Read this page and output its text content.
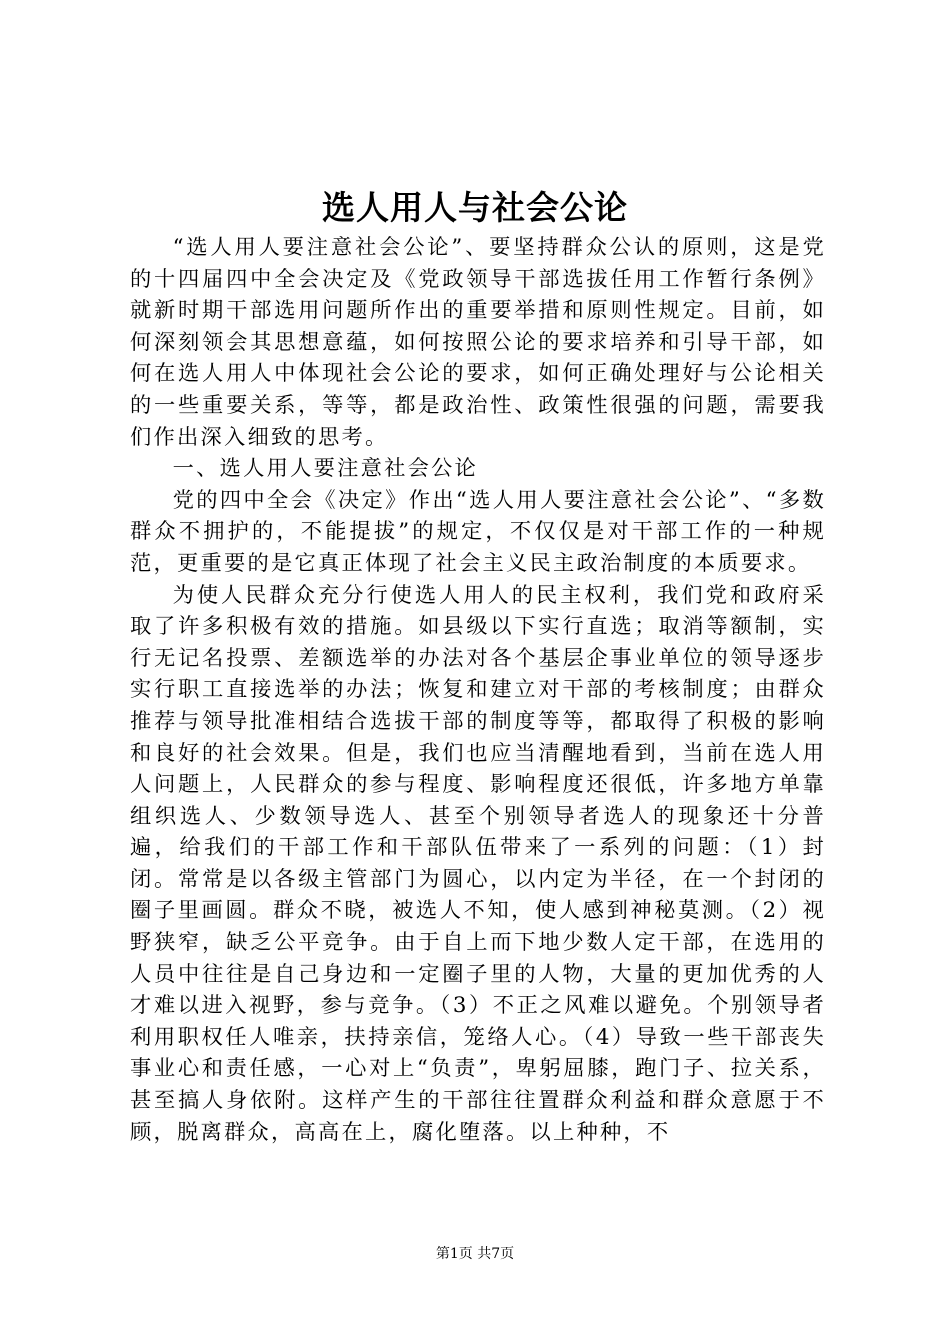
选人用人与社会公论

“选人用人要注意社会公论”、要坚持群众公认的原则，这是党的十四届四中全会决定及《党政领导干部选拔任用工作暂行条例》就新时期干部选用问题所作出的重要举措和原则性规定。目前，如何深刻领会其思想意蕴，如何按照公论的要求培养和引导干部，如何在选人用人中体现社会公论的要求，如何正确处理好与公论相关的一些重要关系，等等，都是政治性、政策性很强的问题，需要我们作出深入细致的思考。

一、选人用人要注意社会公论

党的四中全会《决定》作出“选人用人要注意社会公论”、“多数群众不拥护的，不能提拔”的规定，不仅仅是对干部工作的一种规范，更重要的是它真正体现了社会主义民主政治制度的本质要求。

为使人民群众充分行使选人用人的民主权利，我们党和政府采取了许多积极有效的措施。如县级以下实行直选；取消等额制，实行无记名投票、差额选举的办法对各个基层企事业单位的领导逐步实行职工直接选举的办法；恢复和建立对干部的考核制度；由群众推荐与领导批准相结合选拔干部的制度等等，都取得了积极的影响和良好的社会效果。但是，我们也应当清醒地看到，当前在选人用人问题上，人民群众的参与程度、影响程度还很低，许多地方单靠组织选人、少数领导选人、甚至个别领导者选人的现象还十分普遍，给我们的干部工作和干部队伍带来了一系列的问题：（1）封闭。常常是以各级主管部门为圆心，以内定为半径，在一个封闭的圈子里画圆。群众不晓，被选人不知，使人感到神秘莫测。（2）视野狭窄，缺乏公平竞争。由于自上而下地少数人定干部，在选用的人员中往往是自己身边和一定圈子里的人物，大量的更加优秀的人才难以进入视野，参与竞争。（3）不正之风难以避免。个别领导者利用职权任人唯亲，扶持亲信，笼络人心。（4）导致一些干部丧失事业心和责任感，一心对上“负责”，卑躬屈膝，跑门子、拉关系，甚至搞人身依附。这样产生的干部往往置群众利益和群众意愿于不顾，脱离群众，高高在上，腐化堕落。以上种种，不

第1页 共7页
